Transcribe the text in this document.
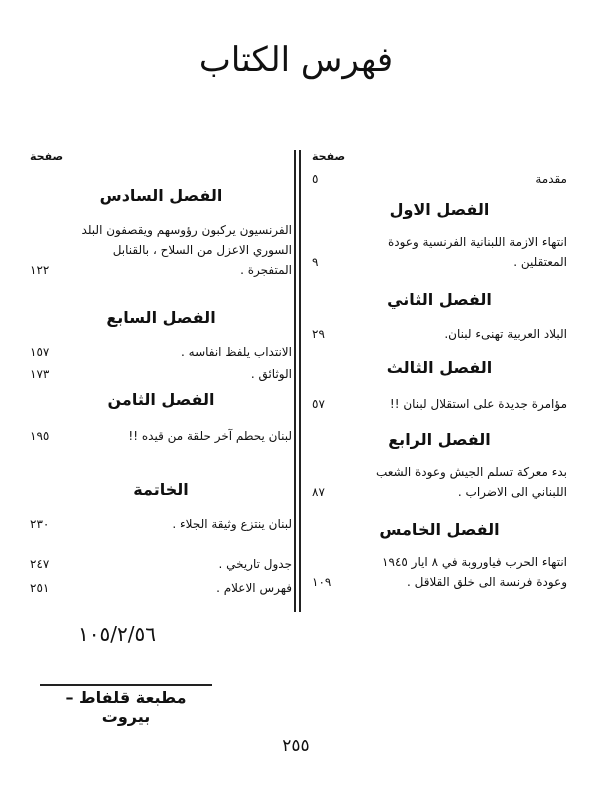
فهرس الكتاب
صفحة
مقدمة
٥
الفصل الاول
انتهاء الازمة اللبنانية الفرنسية وعودة المعتقلين .
٩
الفصل الثاني
البلاد العربية تهنىء لبنان.
٢٩
الفصل الثالث
مؤامرة جديدة على استقلال لبنان !!
٥٧
الفصل الرابع
بدء معركة تسلم الجيش وعودة الشعب اللبناني الى الاضراب .
٨٧
الفصل الخامس
انتهاء الحرب فياوروبة في ٨ ايار ١٩٤٥ وعودة فرنسة الى خلق القلاقل .
١٠٩
صفحة
الفصل السادس
الفرنسيون يركبون رؤوسهم ويقصفون البلد السوري الاعزل من السلاح ، بالقنابل المتفجرة .
١٢٢
الفصل السابع
الانتداب يلفظ انفاسه .
١٥٧
الوثائق .
١٧٣
الفصل الثامن
لبنان يحطم آخر حلقة من قيده !!
١٩٥
الخاتمة
لبنان ينتزع وثيقة الجلاء .
٢٣٠
جدول تاريخي .
٢٤٧
فهرس الاعلام .
٢٥١
١٠٥/٢/٥٦
مطبعة قلفاط – بيروت
٢٥٥
